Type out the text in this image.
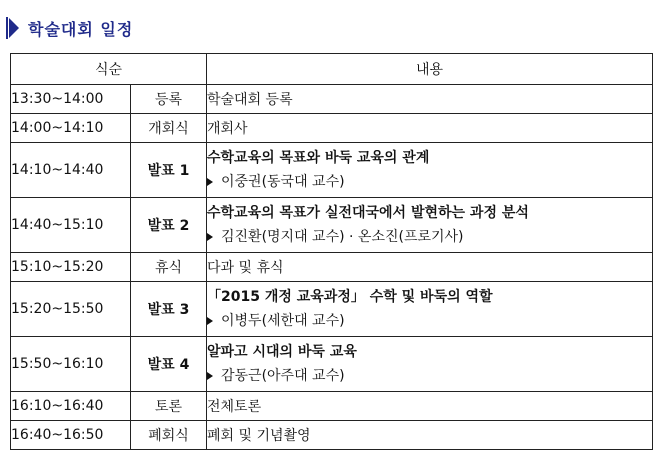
학술대회 일정
식순		내용
13:30~14:00	등록	학술대회 등록
14:00~14:10	개회식	개회사
14:10~14:40	발표 1	수학교육의 목표와 바둑 교육의 관계
이중권(동국대 교수)

14:40~15:10	발표 2	수학교육의 목표가 실전대국에서 발현하는 과정 분석
김진환(명지대 교수) · 온소진(프로기사)

15:10~15:20	휴식	다과 및 휴식
15:20~15:50	발표 3	「2015 개정 교육과정」 수학 및 바둑의 역할
이병두(세한대 교수)

15:50~16:10	발표 4	알파고 시대의 바둑 교육
감동근(아주대 교수)

16:10~16:40	토론	전체토론
16:40~16:50	폐회식	폐회 및 기념촬영
